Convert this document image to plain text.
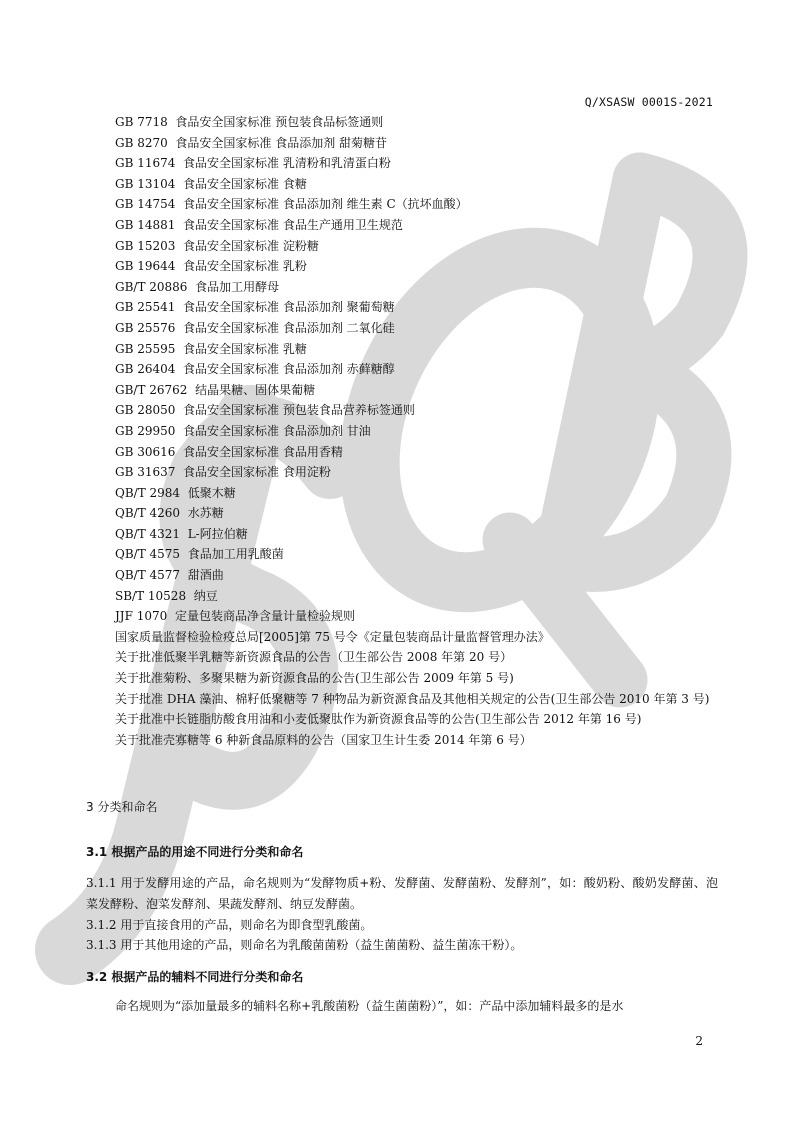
Q/XSASW 0001S-2021
GB 7718 食品安全国家标准 预包装食品标签通则
GB 8270 食品安全国家标准 食品添加剂 甜菊糖苷
GB 11674 食品安全国家标准 乳清粉和乳清蛋白粉
GB 13104 食品安全国家标准 食糖
GB 14754 食品安全国家标准 食品添加剂 维生素 C（抗坏血酸）
GB 14881 食品安全国家标准 食品生产通用卫生规范
GB 15203 食品安全国家标准 淀粉糖
GB 19644 食品安全国家标准 乳粉
GB/T 20886 食品加工用酵母
GB 25541 食品安全国家标准 食品添加剂 聚葡萄糖
GB 25576 食品安全国家标准 食品添加剂 二氧化硅
GB 25595 食品安全国家标准 乳糖
GB 26404 食品安全国家标准 食品添加剂 赤藓糖醇
GB/T 26762 结晶果糖、固体果葡糖
GB 28050 食品安全国家标准 预包装食品营养标签通则
GB 29950 食品安全国家标准 食品添加剂 甘油
GB 30616 食品安全国家标准 食品用香精
GB 31637 食品安全国家标准 食用淀粉
QB/T 2984 低聚木糖
QB/T 4260 水苏糖
QB/T 4321 L-阿拉伯糖
QB/T 4575 食品加工用乳酸菌
QB/T 4577 甜酒曲
SB/T 10528 纳豆
JJF 1070 定量包装商品净含量计量检验规则
国家质量监督检验检疫总局[2005]第 75 号令《定量包装商品计量监督管理办法》
关于批准低聚半乳糖等新资源食品的公告（卫生部公告 2008 年第 20 号）
关于批准菊粉、多聚果糖为新资源食品的公告(卫生部公告 2009 年第 5 号)
关于批准 DHA 藻油、棉籽低聚糖等 7 种物品为新资源食品及其他相关规定的公告(卫生部公告 2010 年第 3 号)
关于批准中长链脂肪酸食用油和小麦低聚肽作为新资源食品等的公告(卫生部公告 2012 年第 16 号)
关于批准壳寡糖等 6 种新食品原料的公告（国家卫生计生委 2014 年第 6 号）
3 分类和命名
3.1 根据产品的用途不同进行分类和命名
3.1.1 用于发酵用途的产品，命名规则为“发酵物质+粉、发酵菌、发酵菌粉、发酵剂”，如：酸奶粉、酸奶发酵菌、泡菜发酵粉、泡菜发酵剂、果蔬发酵剂、纳豆发酵菌。
3.1.2 用于直接食用的产品，则命名为即食型乳酸菌。
3.1.3 用于其他用途的产品，则命名为乳酸菌菌粉（益生菌菌粉、益生菌冻干粉）。
3.2 根据产品的辅料不同进行分类和命名
命名规则为“添加量最多的辅料名称+乳酸菌粉（益生菌菌粉）”，如：产品中添加辅料最多的是水
2
